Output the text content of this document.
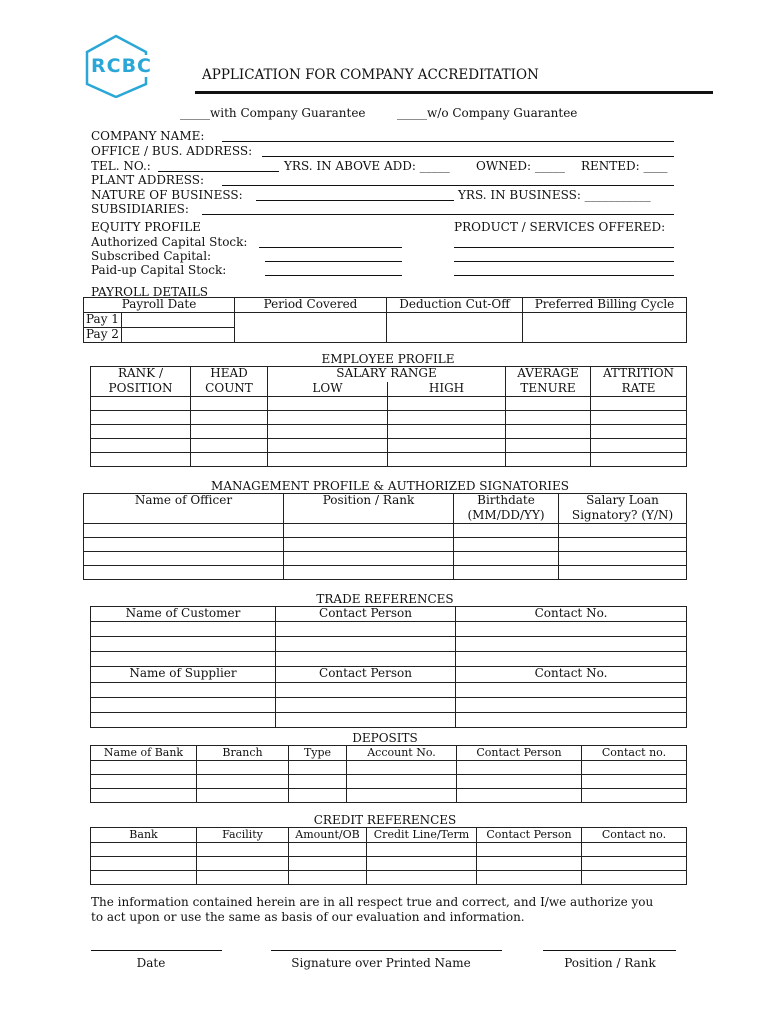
RCBC	APPLICATION FOR COMPANY ACCREDITATION
_____with Company Guarantee	_____w/o Company Guarantee
COMPANY NAME:
OFFICE / BUS. ADDRESS:
TEL. NO.:	YRS. IN ABOVE ADD: _____ OWNED: _____ RENTED: ____
PLANT ADDRESS:
NATURE OF BUSINESS:	YRS. IN BUSINESS: ___________
SUBSIDIARIES:
EQUITY PROFILE	PRODUCT / SERVICES OFFERED:
Authorized Capital Stock:
Subscribed Capital:
Paid-up Capital Stock:
PAYROLL DETAILS
Payroll Date		Period Covered	Deduction Cut-Off	Preferred Billing Cycle
Pay 1				
Pay 2				
EMPLOYEE PROFILE
RANK /	HEAD	SALARY RANGE		AVERAGE	ATTRITION
POSITION	COUNT	LOW	HIGH	TENURE	RATE

MANAGEMENT PROFILE & AUTHORIZED SIGNATORIES
Name of Officer	Position / Rank	Birthdate	Salary Loan
		(MM/DD/YY)	Signatory? (Y/N)

TRADE REFERENCES
Name of Customer	Contact Person	Contact No.

Name of Supplier	Contact Person	Contact No.

DEPOSITS
Name of Bank	Branch	Type	Account No.	Contact Person	Contact no.

CREDIT REFERENCES
Bank	Facility	Amount/OB	Credit Line/Term	Contact Person	Contact no.

The information contained herein are in all respect true and correct, and I/we authorize you
to act upon or use the same as basis of our evaluation and information.
Date	Signature over Printed Name	Position / Rank
